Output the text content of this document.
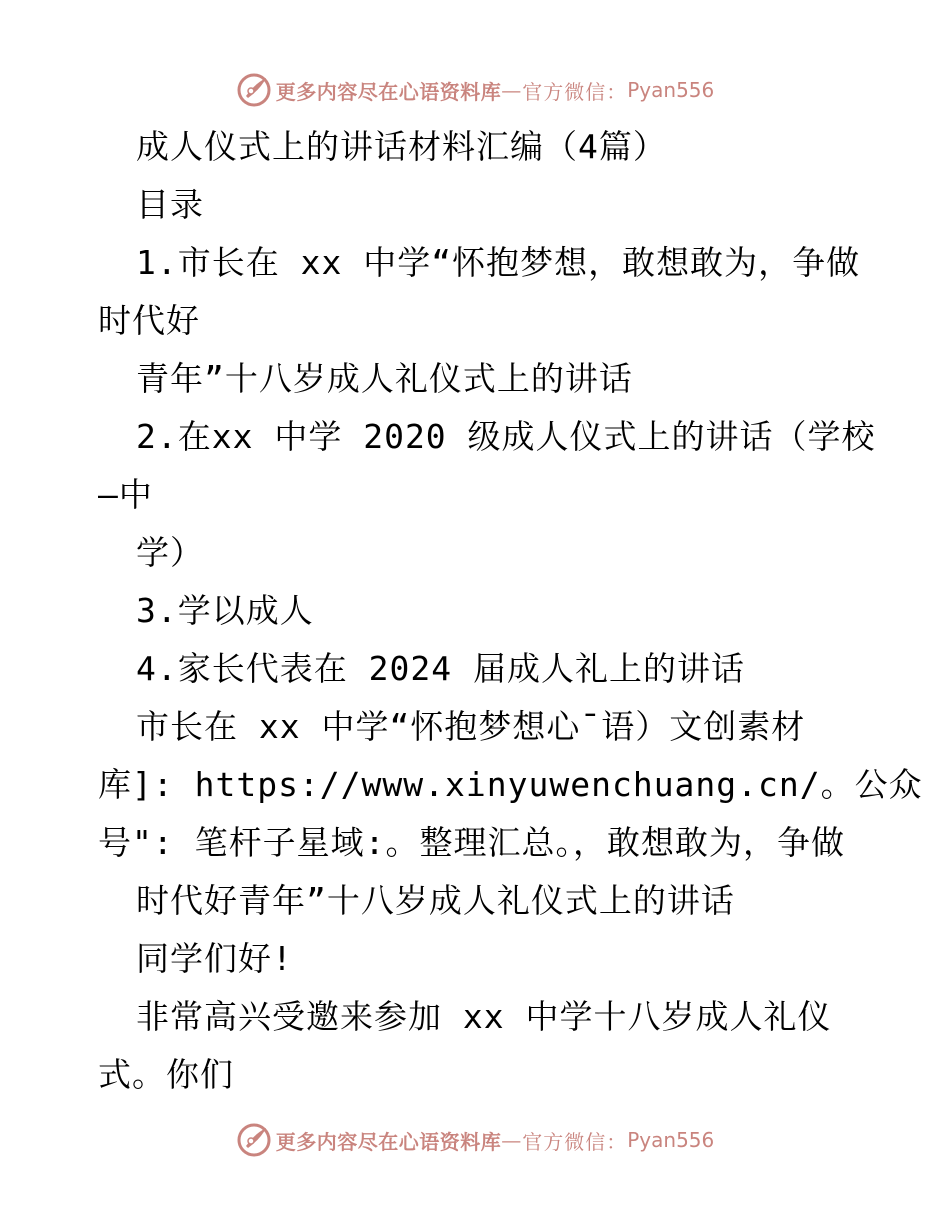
更多内容尽在心语资料库 — 官方微信： Pyan556
成人仪式上的讲话材料汇编（4篇）
目录
1.市长在 xx 中学“怀抱梦想，敢想敢为，争做
时代好
青年”十八岁成人礼仪式上的讲话
2.在xx 中学 2020 级成人仪式上的讲话（学校
—中
学）
3.学以成人
4.家长代表在 2024 届成人礼上的讲话
市长在 xx 中学“怀抱梦想心¯语）文创素材
库]: https://www.xinyuwenchuang.cn/。公众
号": 笔杆子星域:。整理汇总。，敢想敢为，争做
时代好青年”十八岁成人礼仪式上的讲话
同学们好!
非常高兴受邀来参加 xx 中学十八岁成人礼仪
式。你们
更多内容尽在心语资料库 — 官方微信： Pyan556
